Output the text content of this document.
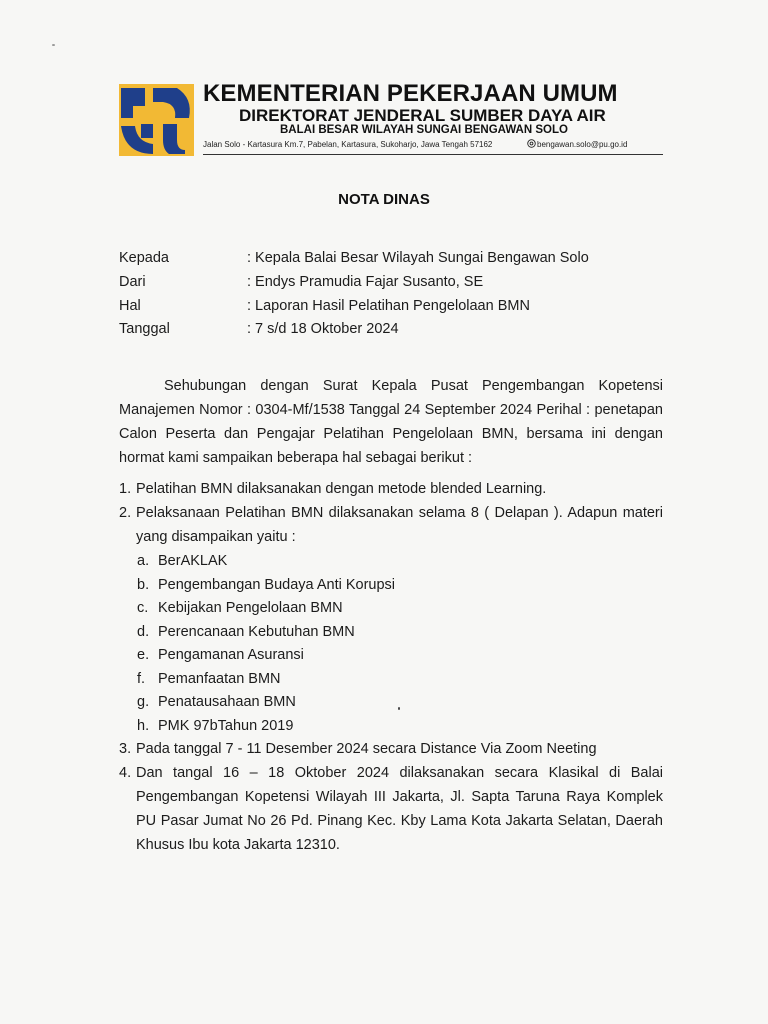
KEMENTERIAN PEKERJAAN UMUM
DIREKTORAT JENDERAL SUMBER DAYA AIR
BALAI BESAR WILAYAH SUNGAI BENGAWAN SOLO
Jalan Solo - Kartasura Km.7, Pabelan, Kartasura, Sukoharjo, Jawa Tengah 57162	bengawan.solo@pu.go.id
NOTA DINAS
Kepada	: Kepala Balai Besar Wilayah Sungai Bengawan Solo
Dari	: Endys Pramudia Fajar Susanto, SE
Hal	: Laporan Hasil Pelatihan Pengelolaan BMN
Tanggal	: 7 s/d 18 Oktober 2024
Sehubungan dengan Surat Kepala Pusat Pengembangan Kopetensi Manajemen Nomor : 0304-Mf/1538 Tanggal 24 September 2024 Perihal : penetapan Calon Peserta dan Pengajar Pelatihan Pengelolaan BMN, bersama ini dengan hormat kami sampaikan beberapa hal sebagai berikut :
1. Pelatihan BMN dilaksanakan dengan metode blended Learning.
2. Pelaksanaan Pelatihan BMN dilaksanakan selama 8 ( Delapan ). Adapun materi yang disampaikan yaitu :
a. BerAKLAK
b. Pengembangan Budaya Anti Korupsi
c. Kebijakan Pengelolaan BMN
d. Perencanaan Kebutuhan BMN
e. Pengamanan Asuransi
f. Pemanfaatan BMN
g. Penatausahaan BMN
h. PMK 97bTahun 2019
3. Pada tanggal 7 - 11 Desember 2024 secara Distance Via Zoom Neeting
4. Dan tangal 16 – 18 Oktober 2024 dilaksanakan secara Klasikal di Balai Pengembangan Kopetensi Wilayah III Jakarta, Jl. Sapta Taruna Raya Komplek PU Pasar Jumat No 26 Pd. Pinang Kec. Kby Lama Kota Jakarta Selatan, Daerah Khusus Ibu kota Jakarta 12310.
